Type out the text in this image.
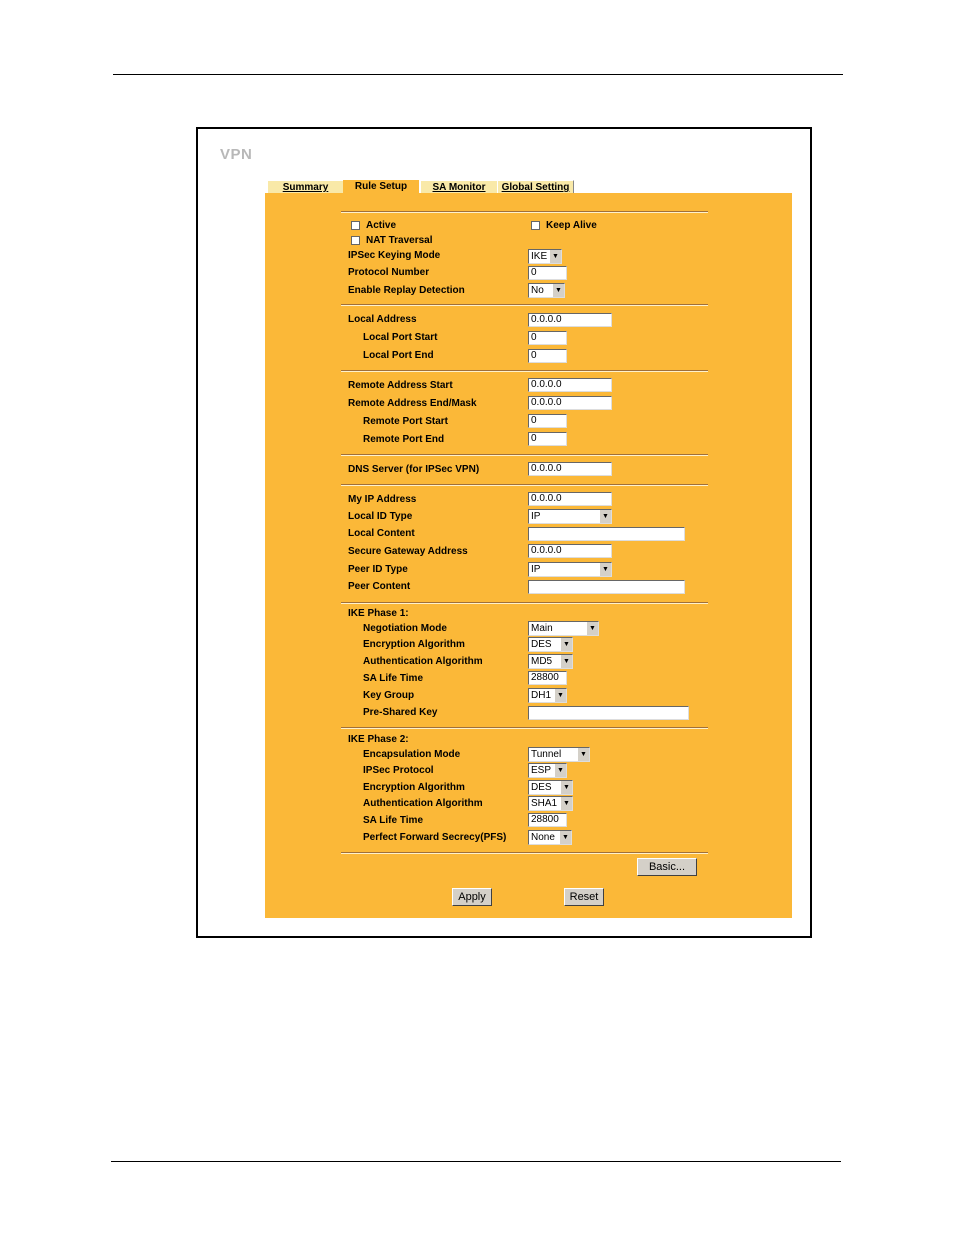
VPN
Summary	Rule Setup	SA Monitor	Global Setting
Active	Keep Alive
NAT Traversal
IPSec Keying Mode	IKE ▼
Protocol Number	0
Enable Replay Detection	No	▼
Local Address	0.0.0.0
Local Port Start	0
Local Port End	0
Remote Address Start	0.0.0.0
Remote Address End/Mask	0.0.0.0
Remote Port Start	0
Remote Port End	0
DNS Server (for IPSec VPN)	0.0.0.0
My IP Address	0.0.0.0
Local ID Type	IP	▼
Local Content
Secure Gateway Address	0.0.0.0
Peer ID Type	IP	▼
Peer Content
IKE Phase 1:
Negotiation Mode	Main	▼
Encryption Algorithm	DES	▼
Authentication Algorithm	MD5	▼
SA Life Time	28800
Key Group	DH1 ▼
Pre-Shared Key
IKE Phase 2:
Encapsulation Mode	Tunnel	▼
IPSec Protocol	ESP ▼
Encryption Algorithm	DES	▼
Authentication Algorithm	SHA1 ▼
SA Life Time	28800
Perfect Forward Secrecy(PFS)	None	▼
Basic...
Apply	Reset
